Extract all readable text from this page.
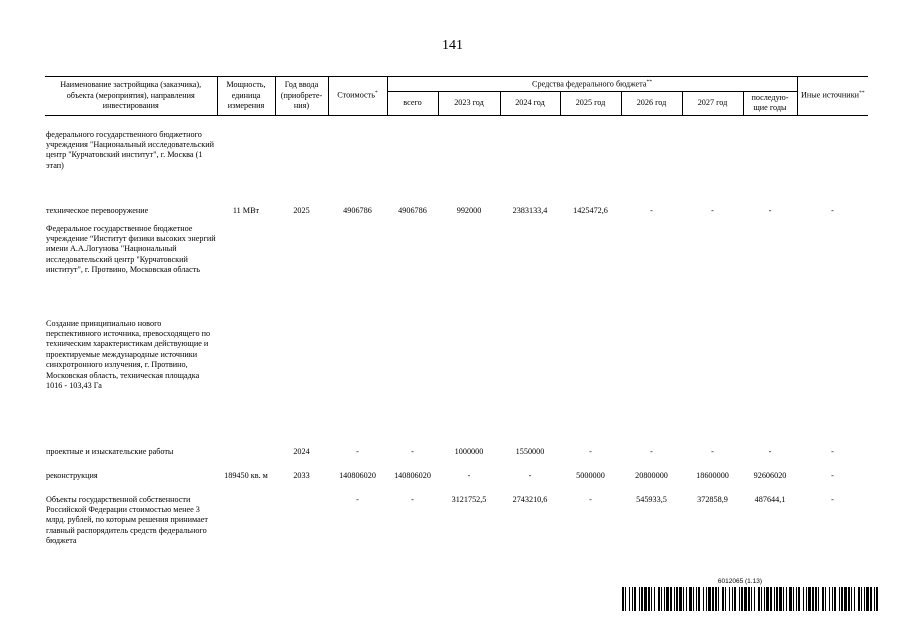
141
Наименование застройщика (заказчика), объекта (мероприятия), направления инвестирования	Мощность, единица измерения	Год ввода (приобрете-ния)	Стоимость*	Средства федерального бюджета**							Иные источники**
				всего	2023 год	2024 год	2025 год	2026 год	2027 год	последую-щие годы	

федерального государственного бюджетного учреждения "Национальный исследовательский центр "Курчатовский институт", г. Москва (1 этап)											
техническое перевооружение	11 МВт	2025	4906786	4906786	992000	2383133,4	1425472,6	-	-	-	-
Федеральное государственное бюджетное учреждение “Институт физики высоких энергий имени А.А.Логунова "Национальный исследовательский центр "Курчатовский институт", г. Протвино, Московская область											
Создание принципиально нового перспективного источника, превосходящего по техническим характеристикам действующие и проектируемые международные источники синхротронного излучения, г. Протвино, Московская область, техническая площадка 1016 - 103,43 Га											
проектные и изыскательские работы		2024	-	-	1000000	1550000	-	-	-	-	-
реконструкция	189450 кв. м	2033	140806020	140806020	-	-	5000000	20800000	18600000	92606020	-
Объекты государственной собственности Российской Федерации стоимостью менее 3 млрд. рублей, по которым решения принимает главный распорядитель средств федерального бюджета			-	-	3121752,5	2743210,6	-	545933,5	372858,9	487644,1	-
6012065 (1.13)
